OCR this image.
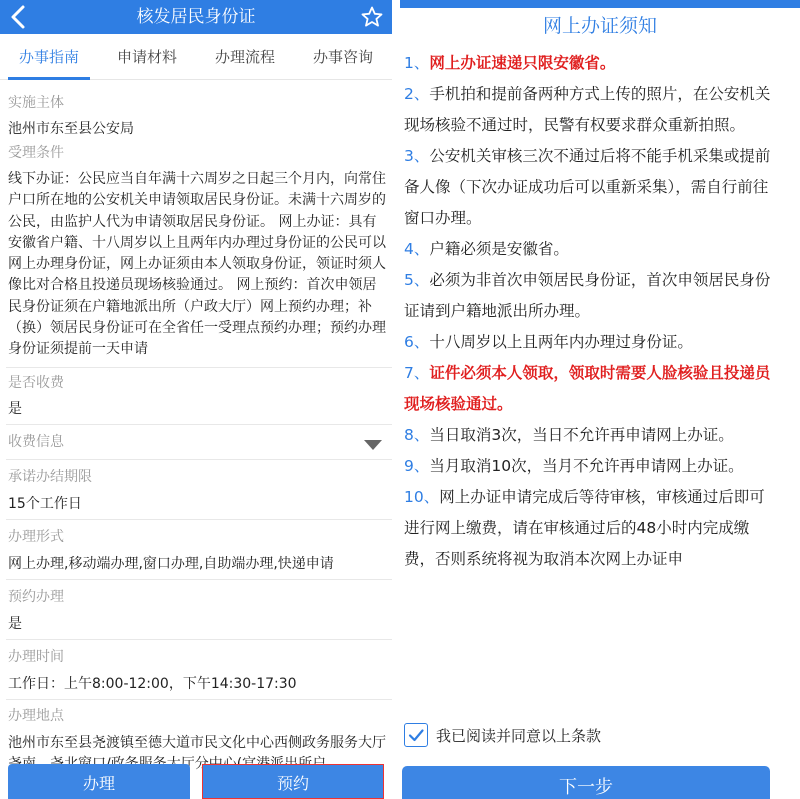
核发居民身份证
办事指南	申请材料	办理流程	办事咨询
实施主体
池州市东至县公安局
受理条件
线下办证：公民应当自年满十六周岁之日起三个月内，向常住户口所在地的公安机关申请领取居民身份证。未满十六周岁的公民，由监护人代为申请领取居民身份证。 网上办证：具有安徽省户籍、十八周岁以上且两年内办理过身份证的公民可以网上办理身份证，网上办证须由本人领取身份证，领证时须人像比对合格且投递员现场核验通过。 网上预约：首次申领居民身份证须在户籍地派出所（户政大厅）网上预约办理；补（换）领居民身份证可在全省任一受理点预约办理；预约办理身份证须提前一天申请
是否收费
是
收费信息
承诺办结期限
15个工作日
办理形式
网上办理,移动端办理,窗口办理,自助端办理,快递申请
预约办理
是
办理时间
工作日：上午8:00-12:00，下午14:30-17:30
办理地点
池州市东至县尧渡镇至德大道市民文化中心西侧政务服务大厅 务大厅分中心
办理	预约
网上办证须知
1、网上办证速递只限安徽省。
2、手机拍和提前备两种方式上传的照片，在公安机关现场核验不通过时，民警有权要求群众重新拍照。
3、公安机关审核三次不通过后将不能手机采集或提前备人像（下次办证成功后可以重新采集），需自行前往窗口办理。
4、户籍必须是安徽省。
5、必须为非首次申领居民身份证，首次申领居民身份证请到户籍地派出所办理。
6、十八周岁以上且两年内办理过身份证。
7、证件必须本人领取，领取时需要人脸核验且投递员现场核验通过。
8、当日取消3次，当日不允许再申请网上办证。
9、当月取消10次，当月不允许再申请网上办证。
10、网上办证申请完成后等待审核，审核通过后即可进行网上缴费，请在审核通过后的48小时内完成缴费，否则系统将视为取消本次网上办证申
我已阅读并同意以上条款
下一步
